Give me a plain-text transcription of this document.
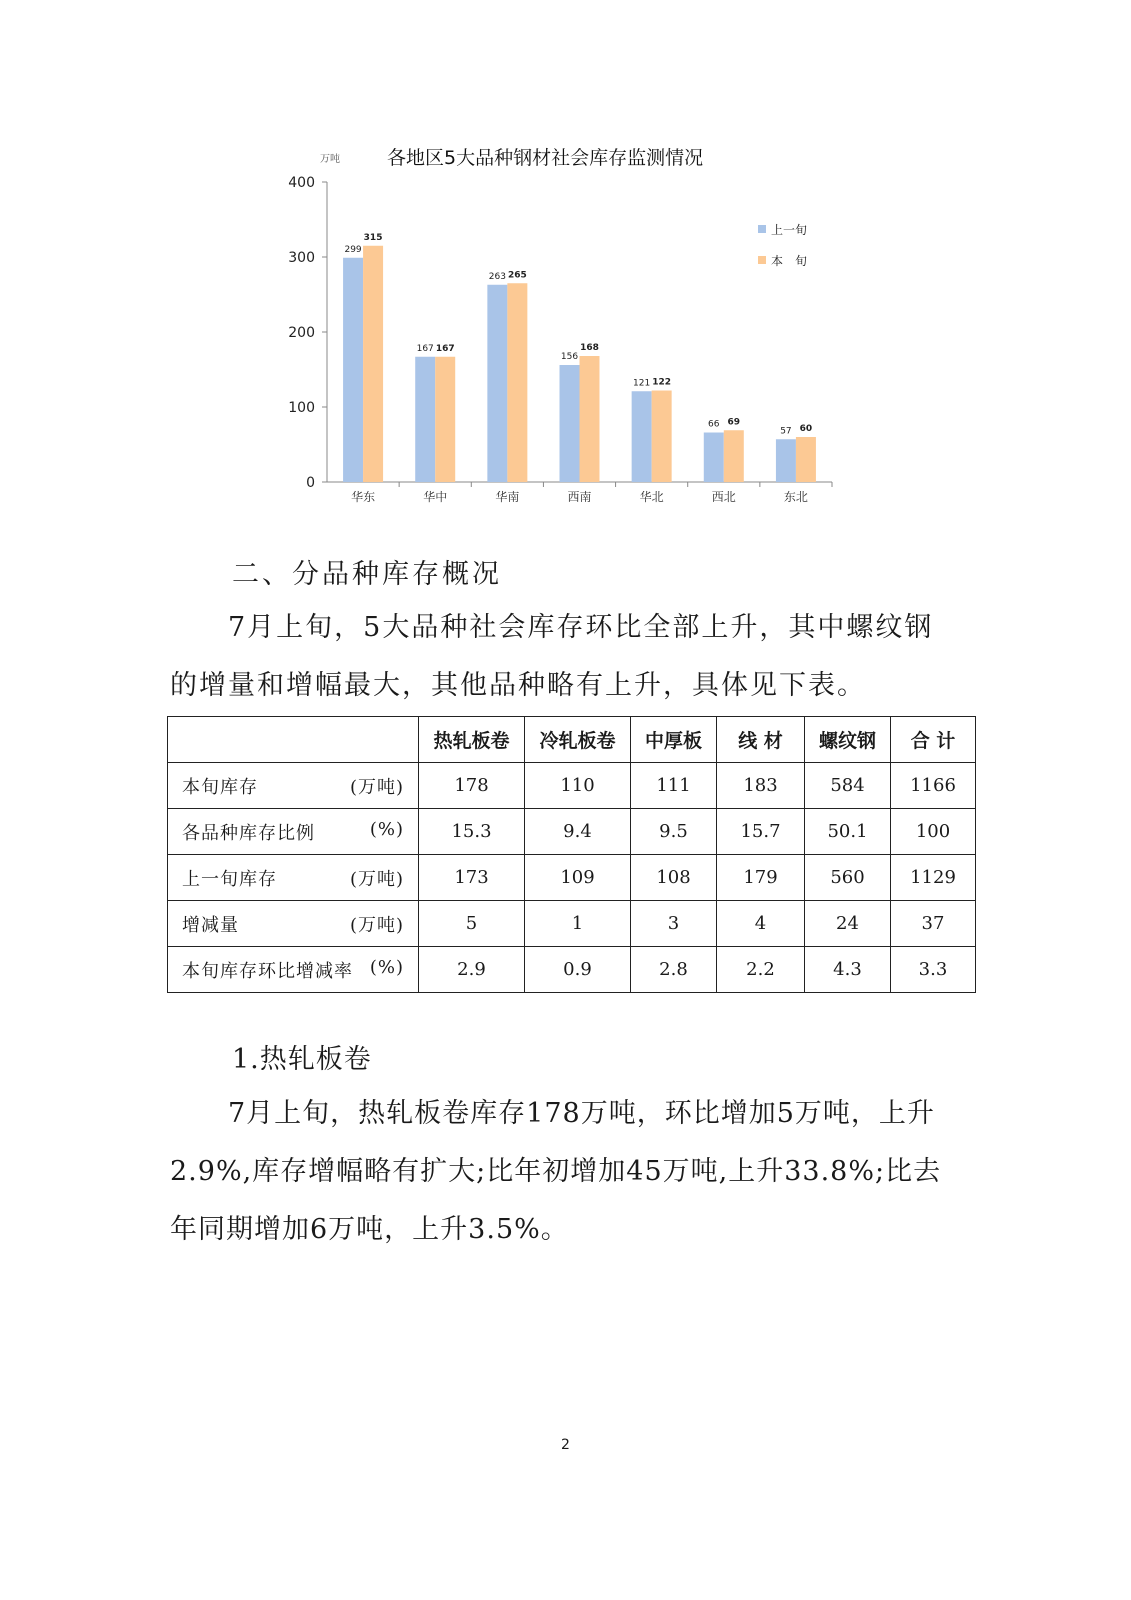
万吨 各地区5大品种钢材社会库存监测情况
0
100
200
300
400
华东	华中	华南	西南	华北	西北	东北
299
315
167 167
263 265
156
168
121 122
66 69
57 60
上一旬
本　旬
二、分品种库存概况

7月上旬，5大品种社会库存环比全部上升，其中螺纹钢的增量和增幅最大，其他品种略有上升，具体见下表。

	热轧板卷	冷轧板卷	中厚板	线 材	螺纹钢	合 计

本旬库存 (万吨)	178	110	111	183	584	1166

各品种库存比例 (%)	15.3	9.4	9.5	15.7	50.1	100

上一旬库存 (万吨)	173	109	108	179	560	1129

增减量 (万吨)	5	1	3	4	24	37

本旬库存环比增减率 (%)	2.9	0.9	2.8	2.2	4.3	3.3
1.热轧板卷

7月上旬，热轧板卷库存178万吨，环比增加5万吨，上升2.9%,库存增幅略有扩大;比年初增加45万吨,上升33.8%;比去年同期增加6万吨，上升3.5%。

2
